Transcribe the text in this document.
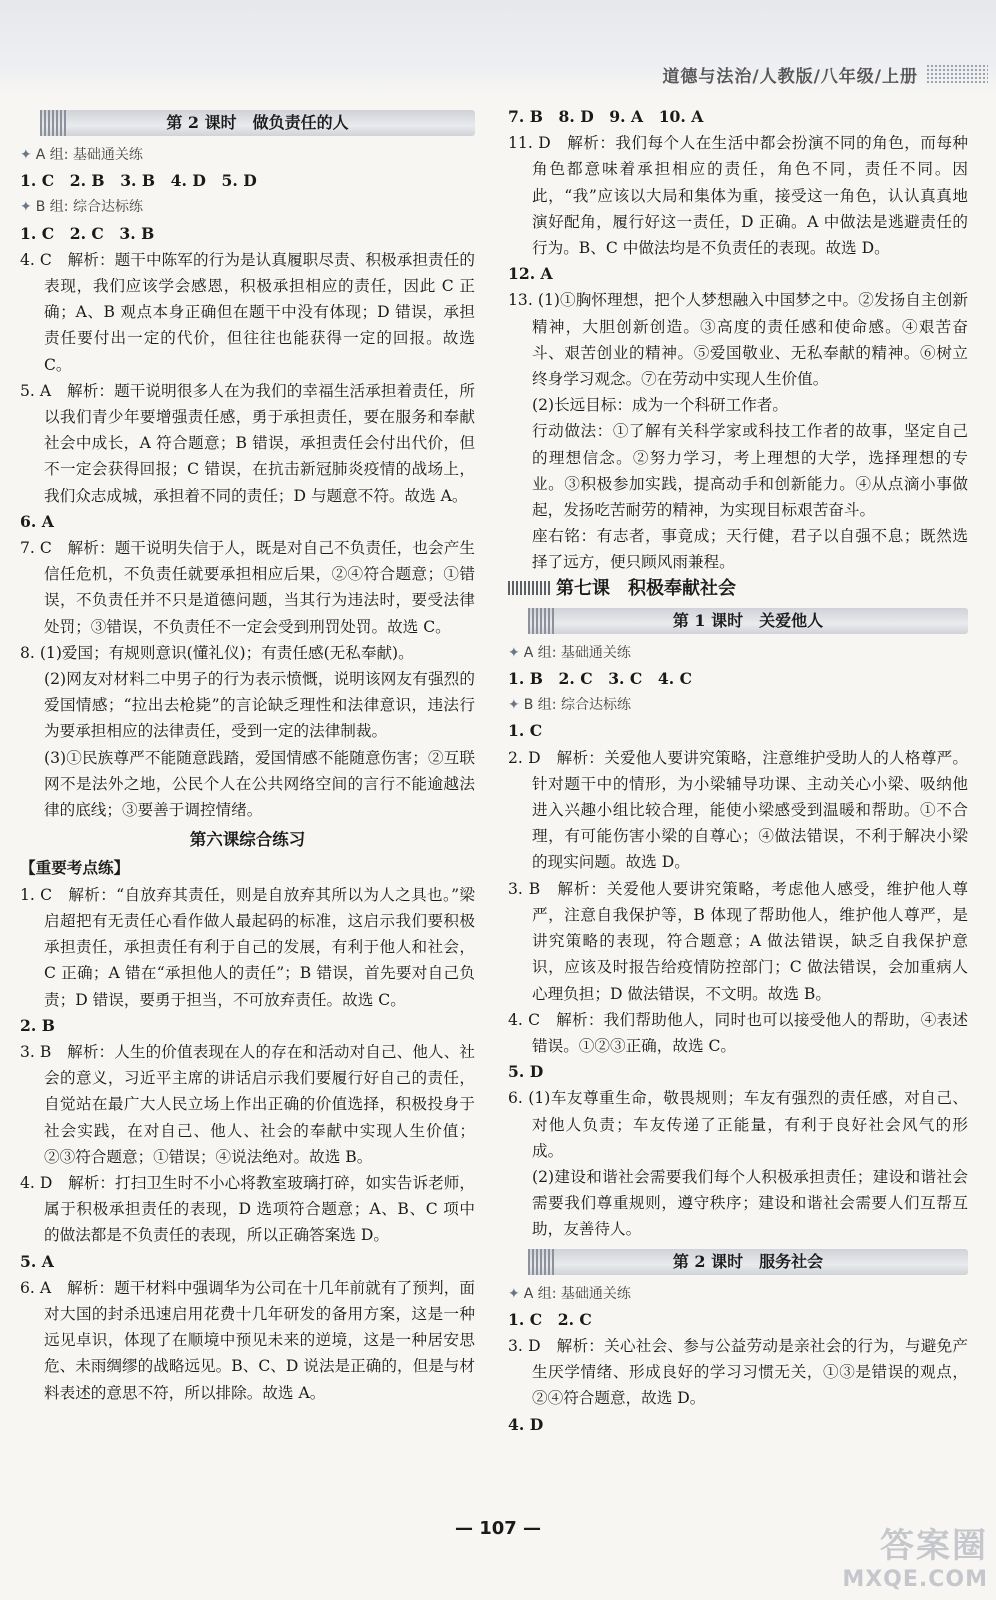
道德与法治/人教版/八年级/上册
第 2 课时　做负责任的人

✦ A 组: 基础通关练

1. C　2. B　3. B　4. D　5. D

✦ B 组: 综合达标练

1. C　2. C　3. B

4. C　解析：题干中陈军的行为是认真履职尽责、积极承担责任的表现，我们应该学会感恩，积极承担相应的责任，因此 C 正确；A、B 观点本身正确但在题干中没有体现；D 错误，承担责任要付出一定的代价，但往往也能获得一定的回报。故选 C。

5. A　解析：题干说明很多人在为我们的幸福生活承担着责任，所以我们青少年要增强责任感，勇于承担责任，要在服务和奉献社会中成长，A 符合题意；B 错误，承担责任会付出代价，但不一定会获得回报；C 错误，在抗击新冠肺炎疫情的战场上，我们众志成城，承担着不同的责任；D 与题意不符。故选 A。

6. A

7. C　解析：题干说明失信于人，既是对自己不负责任，也会产生信任危机，不负责任就要承担相应后果，②④符合题意；①错误，不负责任并不只是道德问题，当其行为违法时，要受法律处罚；③错误，不负责任不一定会受到刑罚处罚。故选 C。

8. (1)爱国；有规则意识(懂礼仪)；有责任感(无私奉献)。

(2)网友对材料二中男子的行为表示愤慨，说明该网友有强烈的爱国情感；“拉出去枪毙”的言论缺乏理性和法律意识，违法行为要承担相应的法律责任，受到一定的法律制裁。

(3)①民族尊严不能随意践踏，爱国情感不能随意伤害；②互联网不是法外之地，公民个人在公共网络空间的言行不能逾越法律的底线；③要善于调控情绪。

第六课综合练习

【重要考点练】

1. C　解析：“自放弃其责任，则是自放弃其所以为人之具也。”梁启超把有无责任心看作做人最起码的标准，这启示我们要积极承担责任，承担责任有利于自己的发展，有利于他人和社会，C 正确；A 错在“承担他人的责任”；B 错误，首先要对自己负责；D 错误，要勇于担当，不可放弃责任。故选 C。

2. B

3. B　解析：人生的价值表现在人的存在和活动对自己、他人、社会的意义，习近平主席的讲话启示我们要履行好自己的责任，自觉站在最广大人民立场上作出正确的价值选择，积极投身于社会实践，在对自己、他人、社会的奉献中实现人生价值；②③符合题意；①错误；④说法绝对。故选 B。

4. D　解析：打扫卫生时不小心将教室玻璃打碎，如实告诉老师，属于积极承担责任的表现，D 选项符合题意；A、B、C 项中的做法都是不负责任的表现，所以正确答案选 D。

5. A

6. A　解析：题干材料中强调华为公司在十几年前就有了预判，面对大国的封杀迅速启用花费十几年研发的备用方案，这是一种远见卓识，体现了在顺境中预见未来的逆境，这是一种居安思危、未雨绸缪的战略远见。B、C、D 说法是正确的，但是与材料表述的意思不符，所以排除。故选 A。

7. B　8. D　9. A　10. A

11. D　解析：我们每个人在生活中都会扮演不同的角色，而每种角色都意味着承担相应的责任，角色不同，责任不同。因此，“我”应该以大局和集体为重，接受这一角色，认认真真地演好配角，履行好这一责任，D 正确。A 中做法是逃避责任的行为。B、C 中做法均是不负责任的表现。故选 D。

12. A

13. (1)①胸怀理想，把个人梦想融入中国梦之中。②发扬自主创新精神，大胆创新创造。③高度的责任感和使命感。④艰苦奋斗、艰苦创业的精神。⑤爱国敬业、无私奉献的精神。⑥树立终身学习观念。⑦在劳动中实现人生价值。

(2)长远目标：成为一个科研工作者。

行动做法：①了解有关科学家或科技工作者的故事，坚定自己的理想信念。②努力学习，考上理想的大学，选择理想的专业。③积极参加实践，提高动手和创新能力。④从点滴小事做起，发扬吃苦耐劳的精神，为实现目标艰苦奋斗。

座右铭：有志者，事竟成；天行健，君子以自强不息；既然选择了远方，便只顾风雨兼程。

第七课　积极奉献社会

第 1 课时　关爱他人

✦ A 组: 基础通关练

1. B　2. C　3. C　4. C

✦ B 组: 综合达标练

1. C

2. D　解析：关爱他人要讲究策略，注意维护受助人的人格尊严。针对题干中的情形，为小梁辅导功课、主动关心小梁、吸纳他进入兴趣小组比较合理，能使小梁感受到温暖和帮助。①不合理，有可能伤害小梁的自尊心；④做法错误，不利于解决小梁的现实问题。故选 D。

3. B　解析：关爱他人要讲究策略，考虑他人感受，维护他人尊严，注意自我保护等，B 体现了帮助他人，维护他人尊严，是讲究策略的表现，符合题意；A 做法错误，缺乏自我保护意识，应该及时报告给疫情防控部门；C 做法错误，会加重病人心理负担；D 做法错误，不文明。故选 B。

4. C　解析：我们帮助他人，同时也可以接受他人的帮助，④表述错误。①②③正确，故选 C。

5. D

6. (1)车友尊重生命，敬畏规则；车友有强烈的责任感，对自己、对他人负责；车友传递了正能量，有利于良好社会风气的形成。

(2)建设和谐社会需要我们每个人积极承担责任；建设和谐社会需要我们尊重规则，遵守秩序；建设和谐社会需要人们互帮互助，友善待人。

第 2 课时　服务社会

✦ A 组: 基础通关练

1. C　2. C

3. D　解析：关心社会、参与公益劳动是亲社会的行为，与避免产生厌学情绪、形成良好的学习习惯无关，①③是错误的观点，②④符合题意，故选 D。

4. D

— 107 —	答案圈
MXQE.COM
